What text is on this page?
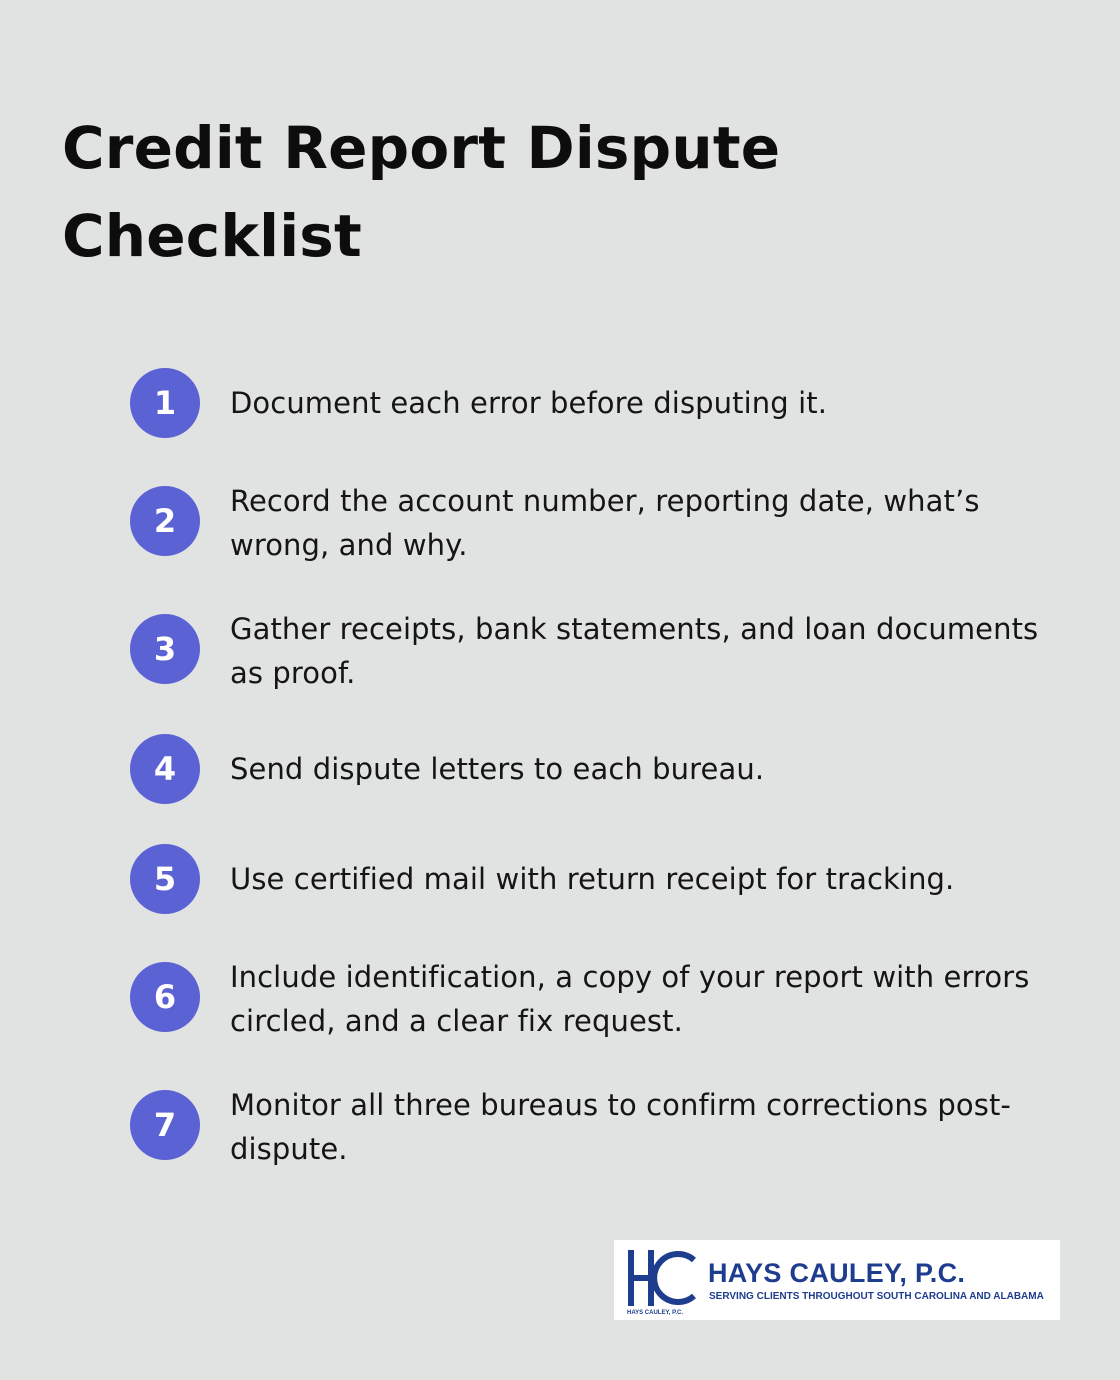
Credit Report Dispute Checklist
1	Document each error before disputing it.
2
Record the account number, reporting date, what’s wrong, and why.
3
Gather receipts, bank statements, and loan documents as proof.
4	Send dispute letters to each bureau.
5	Use certified mail with return receipt for tracking.
6
Include identification, a copy of your report with errors circled, and a clear fix request.
7
Monitor all three bureaus to confirm corrections post-dispute.
HAYS CAULEY, P.C.
SERVING CLIENTS THROUGHOUT SOUTH CAROLINA AND ALABAMA
HAYS CAULEY, P.C.
